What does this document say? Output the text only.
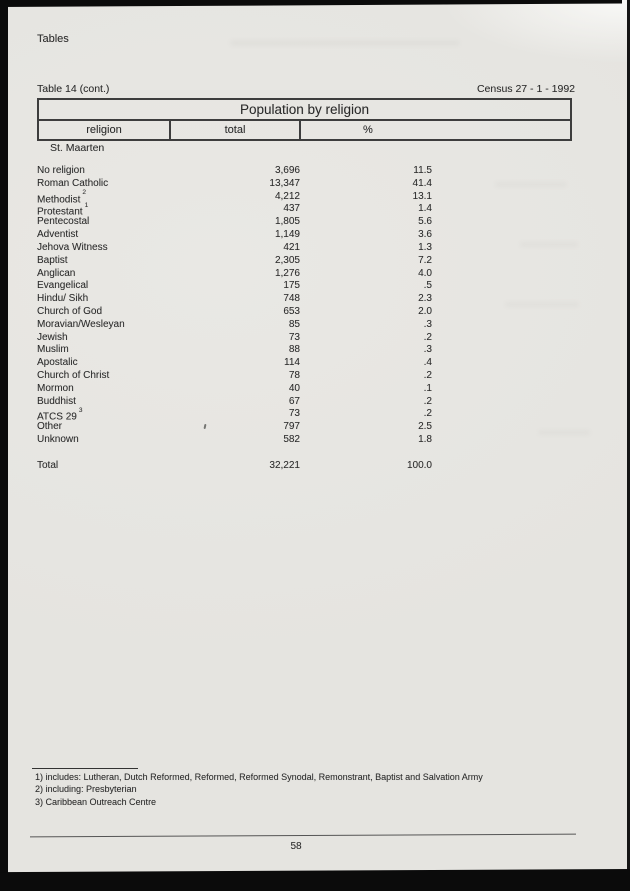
Tables
Table 14 (cont.)	Census 27 - 1 - 1992
Population by religion
religion	total	%
St. Maarten
No religion	3,696	11.5
Roman Catholic	13,347	41.4
Methodist$^2$	4,212	13.1
Protestant$^1$	437	1.4
Pentecostal	1,805	5.6
Adventist	1,149	3.6
Jehova Witness	421	1.3
Baptist	2,305	7.2
Anglican	1,276	4.0
Evangelical	175	.5
Hindu/ Sikh	748	2.3
Church of God	653	2.0
Moravian/Wesleyan	85	.3
Jewish	73	.2
Muslim	88	.3
Apostalic	114	.4
Church of Christ	78	.2
Mormon	40	.1
Buddhist	67	.2
ATCS $29^3$	73	.2
Other	797	2.5
Unknown	582	1.8
Total	32,221	100.0
1) includes: Lutheran, Dutch Reformed, Reformed, Reformed Synodal, Remonstrant, Baptist and Salvation Army
2) including: Presbyterian
3) Caribbean Outreach Centre
58
